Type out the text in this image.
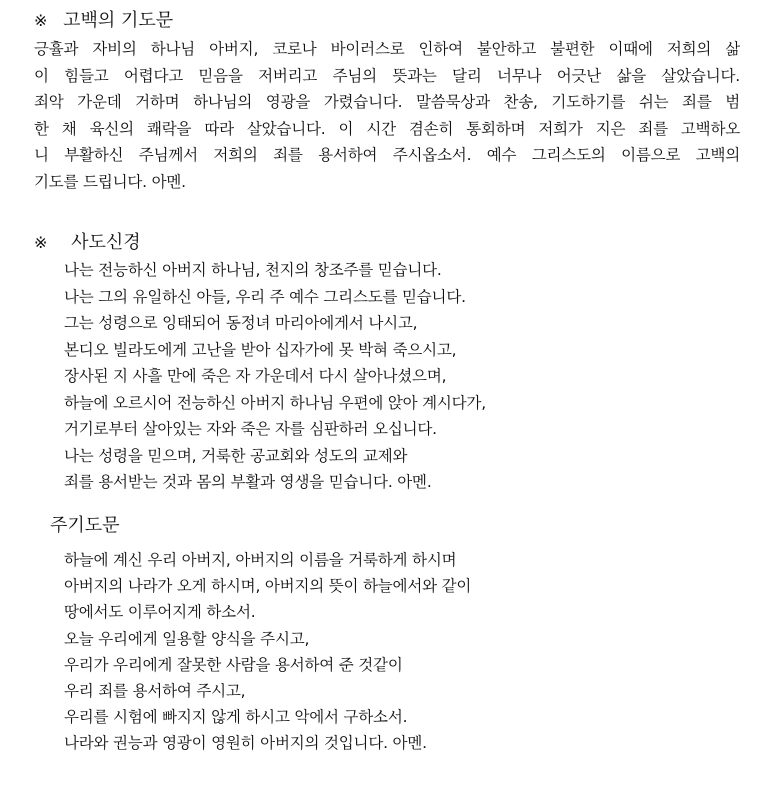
※ 고백의 기도문

긍휼과 자비의 하나님 아버지, 코로나 바이러스로 인하여 불안하고 불편한 이때에 저희의 삶

이 힘들고 어렵다고 믿음을 저버리고 주님의 뜻과는 달리 너무나 어긋난 삶을 살았습니다.

죄악 가운데 거하며 하나님의 영광을 가렸습니다. 말씀묵상과 찬송, 기도하기를 쉬는 죄를 범

한 채 육신의 쾌락을 따라 살았습니다. 이 시간 겸손히 통회하며 저희가 지은 죄를 고백하오

니 부활하신 주님께서 저희의 죄를 용서하여 주시옵소서. 예수 그리스도의 이름으로 고백의

기도를 드립니다. 아멘.

※ 사도신경
나는 전능하신 아버지 하나님, 천지의 창조주를 믿습니다.
나는 그의 유일하신 아들, 우리 주 예수 그리스도를 믿습니다.
그는 성령으로 잉태되어 동정녀 마리아에게서 나시고,
본디오 빌라도에게 고난을 받아 십자가에 못 박혀 죽으시고,
장사된 지 사흘 만에 죽은 자 가운데서 다시 살아나셨으며,
하늘에 오르시어 전능하신 아버지 하나님 우편에 앉아 계시다가,
거기로부터 살아있는 자와 죽은 자를 심판하러 오십니다.
나는 성령을 믿으며, 거룩한 공교회와 성도의 교제와
죄를 용서받는 것과 몸의 부활과 영생을 믿습니다. 아멘.
주기도문
하늘에 계신 우리 아버지, 아버지의 이름을 거룩하게 하시며
아버지의 나라가 오게 하시며, 아버지의 뜻이 하늘에서와 같이
땅에서도 이루어지게 하소서.
오늘 우리에게 일용할 양식을 주시고,
우리가 우리에게 잘못한 사람을 용서하여 준 것같이
우리 죄를 용서하여 주시고,
우리를 시험에 빠지지 않게 하시고 악에서 구하소서.
나라와 권능과 영광이 영원히 아버지의 것입니다. 아멘.
